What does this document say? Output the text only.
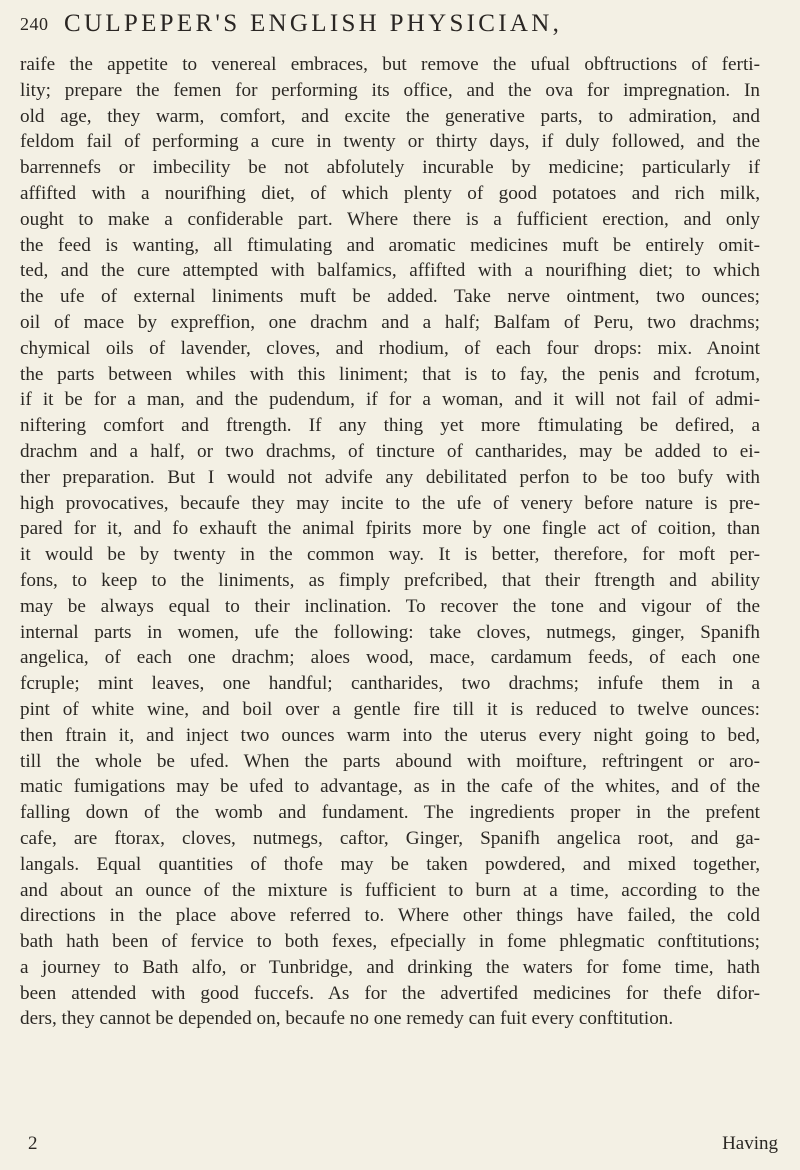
240 CULPEPER'S ENGLISH PHYSICIAN,
raife the appetite to venereal embraces, but remove the ufual obftructions of ferti-
lity; prepare the femen for performing its office, and the ova for impregnation. In
old age, they warm, comfort, and excite the generative parts, to admiration, and
feldom fail of performing a cure in twenty or thirty days, if duly followed, and the
barrennefs or imbecility be not abfolutely incurable by medicine; particularly if
affifted with a nourifhing diet, of which plenty of good potatoes and rich milk,
ought to make a confiderable part. Where there is a fufficient erection, and only
the feed is wanting, all ftimulating and aromatic medicines muft be entirely omit-
ted, and the cure attempted with balfamics, affifted with a nourifhing diet; to which
the ufe of external liniments muft be added. Take nerve ointment, two ounces;
oil of mace by expreffion, one drachm and a half; Balfam of Peru, two drachms;
chymical oils of lavender, cloves, and rhodium, of each four drops: mix. Anoint
the parts between whiles with this liniment; that is to fay, the penis and fcrotum,
if it be for a man, and the pudendum, if for a woman, and it will not fail of admi-
niftering comfort and ftrength. If any thing yet more ftimulating be defired, a
drachm and a half, or two drachms, of tincture of cantharides, may be added to ei-
ther preparation. But I would not advife any debilitated perfon to be too bufy with
high provocatives, becaufe they may incite to the ufe of venery before nature is pre-
pared for it, and fo exhauft the animal fpirits more by one fingle act of coition, than
it would be by twenty in the common way. It is better, therefore, for moft per-
fons, to keep to the liniments, as fimply prefcribed, that their ftrength and ability
may be always equal to their inclination. To recover the tone and vigour of the
internal parts in women, ufe the following: take cloves, nutmegs, ginger, Spanifh
angelica, of each one drachm; aloes wood, mace, cardamum feeds, of each one
fcruple; mint leaves, one handful; cantharides, two drachms; infufe them in a
pint of white wine, and boil over a gentle fire till it is reduced to twelve ounces:
then ftrain it, and inject two ounces warm into the uterus every night going to bed,
till the whole be ufed. When the parts abound with moifture, reftringent or aro-
matic fumigations may be ufed to advantage, as in the cafe of the whites, and of the
falling down of the womb and fundament. The ingredients proper in the prefent
cafe, are ftorax, cloves, nutmegs, caftor, Ginger, Spanifh angelica root, and ga-
langals. Equal quantities of thofe may be taken powdered, and mixed together,
and about an ounce of the mixture is fufficient to burn at a time, according to the
directions in the place above referred to. Where other things have failed, the cold
bath hath been of fervice to both fexes, efpecially in fome phlegmatic conftitutions;
a journey to Bath alfo, or Tunbridge, and drinking the waters for fome time, hath
been attended with good fuccefs. As for the advertifed medicines for thefe difor-
ders, they cannot be depended on, becaufe no one remedy can fuit every conftitution.
2	Having
